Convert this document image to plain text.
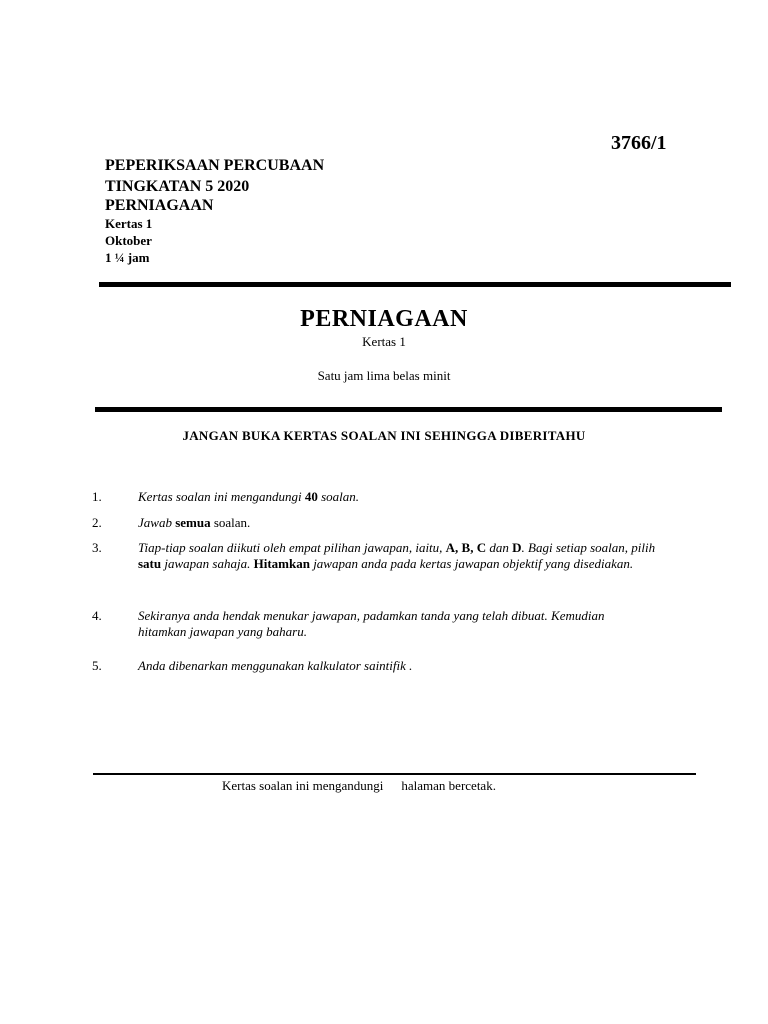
3766/1
PEPERIKSAAN PERCUBAAN
TINGKATAN 5 2020
PERNIAGAAN
Kertas 1
Oktober
1 ¼ jam
PERNIAGAAN
Kertas 1
Satu jam lima belas minit
JANGAN BUKA KERTAS SOALAN INI SEHINGGA DIBERITAHU
1.	Kertas soalan ini mengandungi 40 soalan.
2.	Jawab semua soalan.
3.	Tiap-tiap soalan diikuti oleh empat pilihan jawapan, iaitu, A, B, C dan D. Bagi setiap soalan, pilih satu jawapan sahaja. Hitamkan jawapan anda pada kertas jawapan objektif yang disediakan.
4.	Sekiranya anda hendak menukar jawapan, padamkan tanda yang telah dibuat. Kemudian hitamkan jawapan yang baharu.
5.	Anda dibenarkan menggunakan kalkulator saintifik .
Kertas soalan ini mengandungi halaman bercetak.
